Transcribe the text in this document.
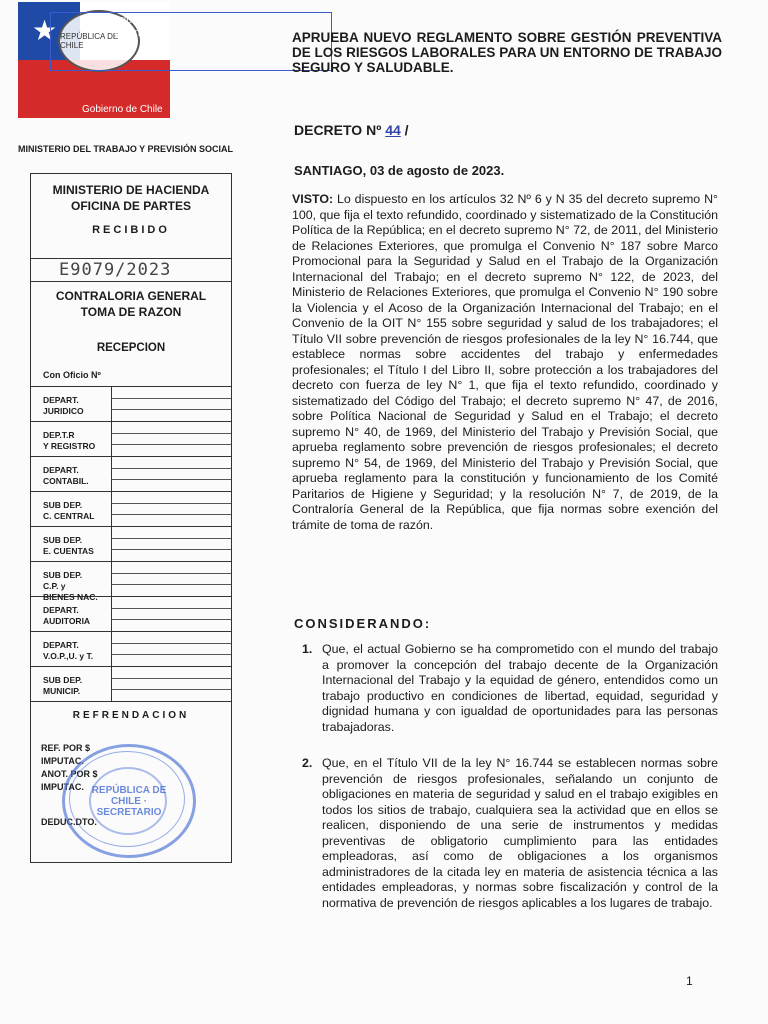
★ REPÚBLICA DE CHILE
erio del
ación
Gobierno de Chile
MINISTERIO DEL TRABAJO Y PREVISIÓN SOCIAL
APRUEBA NUEVO REGLAMENTO SOBRE GESTIÓN PREVENTIVA DE LOS RIESGOS LABORALES PARA UN ENTORNO DE TRABAJO SEGURO Y SALUDABLE.
DECRETO Nº 44 /
SANTIAGO, 03 de agosto de 2023.
VISTO: Lo dispuesto en los artículos 32 Nº 6 y N 35 del decreto supremo N° 100, que fija el texto refundido, coordinado y sistematizado de la Constitución Política de la República; en el decreto supremo N° 72, de 2011, del Ministerio de Relaciones Exteriores, que promulga el Convenio N° 187 sobre Marco Promocional para la Seguridad y Salud en el Trabajo de la Organización Internacional del Trabajo; en el decreto supremo N° 122, de 2023, del Ministerio de Relaciones Exteriores, que promulga el Convenio N° 190 sobre la Violencia y el Acoso de la Organización Internacional del Trabajo; en el Convenio de la OIT N° 155 sobre seguridad y salud de los trabajadores; el Título VII sobre prevención de riesgos profesionales de la ley N° 16.744, que establece normas sobre accidentes del trabajo y enfermedades profesionales; el Título I del Libro II, sobre protección a los trabajadores del decreto con fuerza de ley N° 1, que fija el texto refundido, coordinado y sistematizado del Código del Trabajo; el decreto supremo N° 47, de 2016, sobre Política Nacional de Seguridad y Salud en el Trabajo; el decreto supremo N° 40, de 1969, del Ministerio del Trabajo y Previsión Social, que aprueba reglamento sobre prevención de riesgos profesionales; el decreto supremo N° 54, de 1969, del Ministerio del Trabajo y Previsión Social, que aprueba reglamento para la constitución y funcionamiento de los Comité Paritarios de Higiene y Seguridad; y la resolución N° 7, de 2019, de la Contraloría General de la República, que fija normas sobre exención del trámite de toma de razón.
CONSIDERANDO:
1. Que, el actual Gobierno se ha comprometido con el mundo del trabajo a promover la concepción del trabajo decente de la Organización Internacional del Trabajo y la equidad de género, entendidos como un trabajo productivo en condiciones de libertad, equidad, seguridad y dignidad humana y con igualdad de oportunidades para las personas trabajadoras.
2. Que, en el Título VII de la ley N° 16.744 se establecen normas sobre prevención de riesgos profesionales, señalando un conjunto de obligaciones en materia de seguridad y salud en el trabajo exigibles en todos los sitios de trabajo, cualquiera sea la actividad que en ellos se realicen, disponiendo de una serie de instrumentos y medidas preventivas de obligatorio cumplimiento para las entidades empleadoras, así como de obligaciones a los organismos administradores de la citada ley en materia de asistencia técnica a las entidades empleadoras, y normas sobre fiscalización y control de la normativa de prevención de riesgos aplicables a los lugares de trabajo.
MINISTERIO DE HACIENDA
OFICINA DE PARTES
RECIBIDO
E9079/2023
CONTRALORIA GENERAL
TOMA DE RAZON
RECEPCION
Con Oficio Nº
DEPART.
JURIDICO
DEP.T.R
Y REGISTRO
DEPART.
CONTABIL.
SUB DEP.
C. CENTRAL
SUB DEP.
E. CUENTAS
SUB DEP.
C.P. y
BIENES NAC.
DEPART.
AUDITORIA
DEPART.
V.O.P.,U. y T.
SUB DEP.
MUNICIP.
REFRENDACION
REF. POR $
IMPUTAC.
ANOT. POR $
IMPUTAC.
DEDUC.DTO.
REPÚBLICA DE CHILE · SECRETARIO
1
